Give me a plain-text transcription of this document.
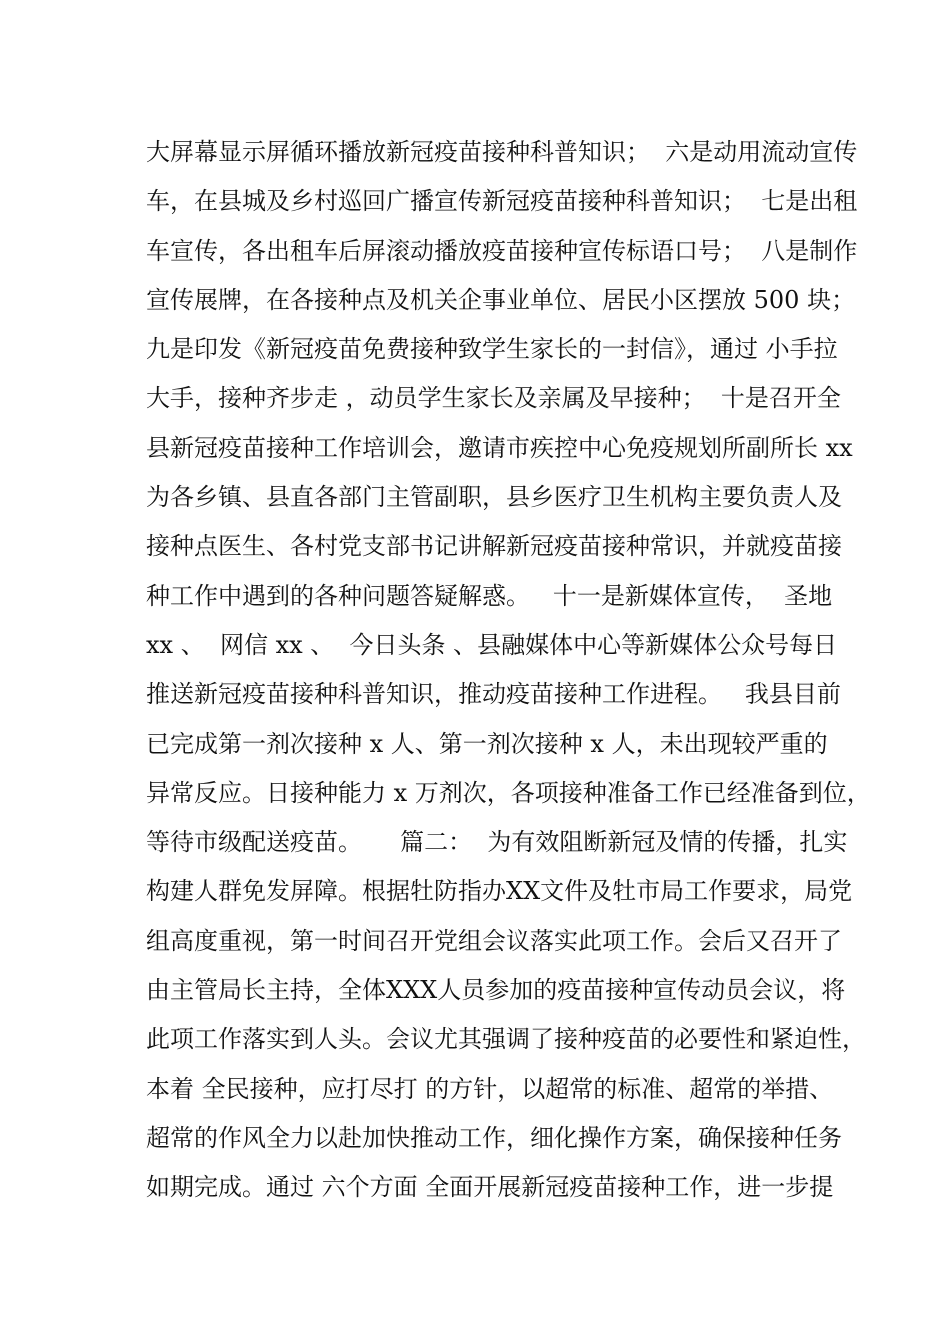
大屏幕显示屏循环播放新冠疫苗接种科普知识；  六是动用流动宣传
车，在县城及乡村巡回广播宣传新冠疫苗接种科普知识；  七是出租
车宣传，各出租车后屏滚动播放疫苗接种宣传标语口号；  八是制作
宣传展牌，在各接种点及机关企事业单位、居民小区摆放 500 块；
九是印发《新冠疫苗免费接种致学生家长的一封信》，通过 小手拉
大手，接种齐步走 ，动员学生家长及亲属及早接种；  十是召开全
县新冠疫苗接种工作培训会，邀请市疾控中心免疫规划所副所长 xx
为各乡镇、县直各部门主管副职，县乡医疗卫生机构主要负责人及
接种点医生、各村党支部书记讲解新冠疫苗接种常识，并就疫苗接
种工作中遇到的各种问题答疑解惑。   十一是新媒体宣传，  圣地
xx 、  网信 xx 、  今日头条 、县融媒体中心等新媒体公众号每日
推送新冠疫苗接种科普知识，推动疫苗接种工作进程。   我县目前
已完成第一剂次接种 x 人、第一剂次接种 x 人，未出现较严重的
异常反应。日接种能力 x 万剂次，各项接种准备工作已经准备到位，
等待市级配送疫苗。     篇二：  为有效阻断新冠及情的传播，扎实
构建人群免发屏障。根据牡防指办XX文件及牡市局工作要求，局党
组高度重视，第一时间召开党组会议落实此项工作。会后又召开了
由主管局长主持，全体XXX人员参加的疫苗接种宣传动员会议，将
此项工作落实到人头。会议尤其强调了接种疫苗的必要性和紧迫性，
本着 全民接种，应打尽打 的方针，以超常的标准、超常的举措、
超常的作风全力以赴加快推动工作，细化操作方案，确保接种任务
如期完成。通过 六个方面 全面开展新冠疫苗接种工作，进一步提
